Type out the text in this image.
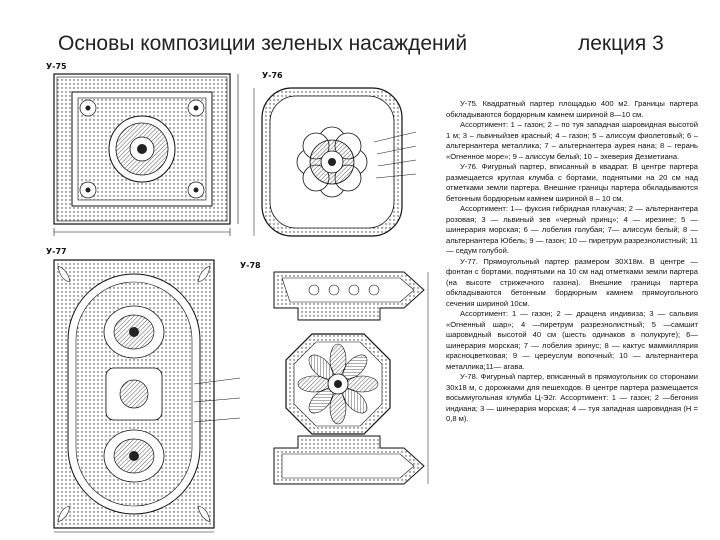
Основы композиции зеленых насаждений	лекция 3
У-75
У-76
У-77
У-78

У-75. Квадратный партер площадью 400 м2. Границы партера обкладываются бордюрным камнем шириной 8—10 см.

Ассортимент: 1 – газон; 2 – по туя западная шаровидная высотой 1 м; 3 – львиныйзев красный; 4 – газон; 5 – алиссум фиолетовый; 6 – альтернантера металлика; 7 – альтернантера аурея нана; 8 – герань «Огненное море»; 9 – алиссум белый; 10 – эхеверия Дезметиана.

У-76. Фигурный партер, вписанный в квадрат. В центре партера размещается круглая клумба с бортами, поднятыми на 20 см над отметками земли партера. Внешние границы партера обкладываются бетонным бордюрным камнем шириной 8 – 10 см.

Ассортимент: 1— фуксия гибридная плакучая; 2 — альтернантера розовая; 3 — львиный зев «черный принц»; 4 — ирезине; 5 — шинерария морская; 6 — лобелия голубая; 7— алиссум белый; 8 — альтернантера Юбель; 9 — газон; 10 — пиретрум разрезнолистный; 11 — седум голубой.

У-77. Прямоугольный партер размером 30Х18м. В центре — фонтан с бортами, поднятыми на 10 см над отметками земли партера (на высоте стрижечного газона). Внешние границы партера обкладываются бетонным бордюрным камнем прямоугольного сечения шириной 10см.

Ассортимент: 1 — газон; 2 — драцена индивиза; 3 — сальвия «Огненный шар»; 4 —пиретрум разрезнолистный; 5 —самшит шаровидный высотой 40 см (шесть одинаков в полукруге); 6— шинерария морская; 7 — лобелия эринус; 8 — кактус маммиллярия красноцветковая; 9 — цереуслум вопочный; 10 — альтернантера металлика;11— агава.

У-78. Фигурный партер, вписанный в прямоугольник со сторонами 30х18 м, с дорожками для пешеходов. В центре партера размещается восьмиугольная клумба Ц-Э2г. Ассортимент: 1 — газон; 2 —бегония индиана; 3 — шинерария морская; 4 — туя западная шаровидная (Н = 0,8 м).
